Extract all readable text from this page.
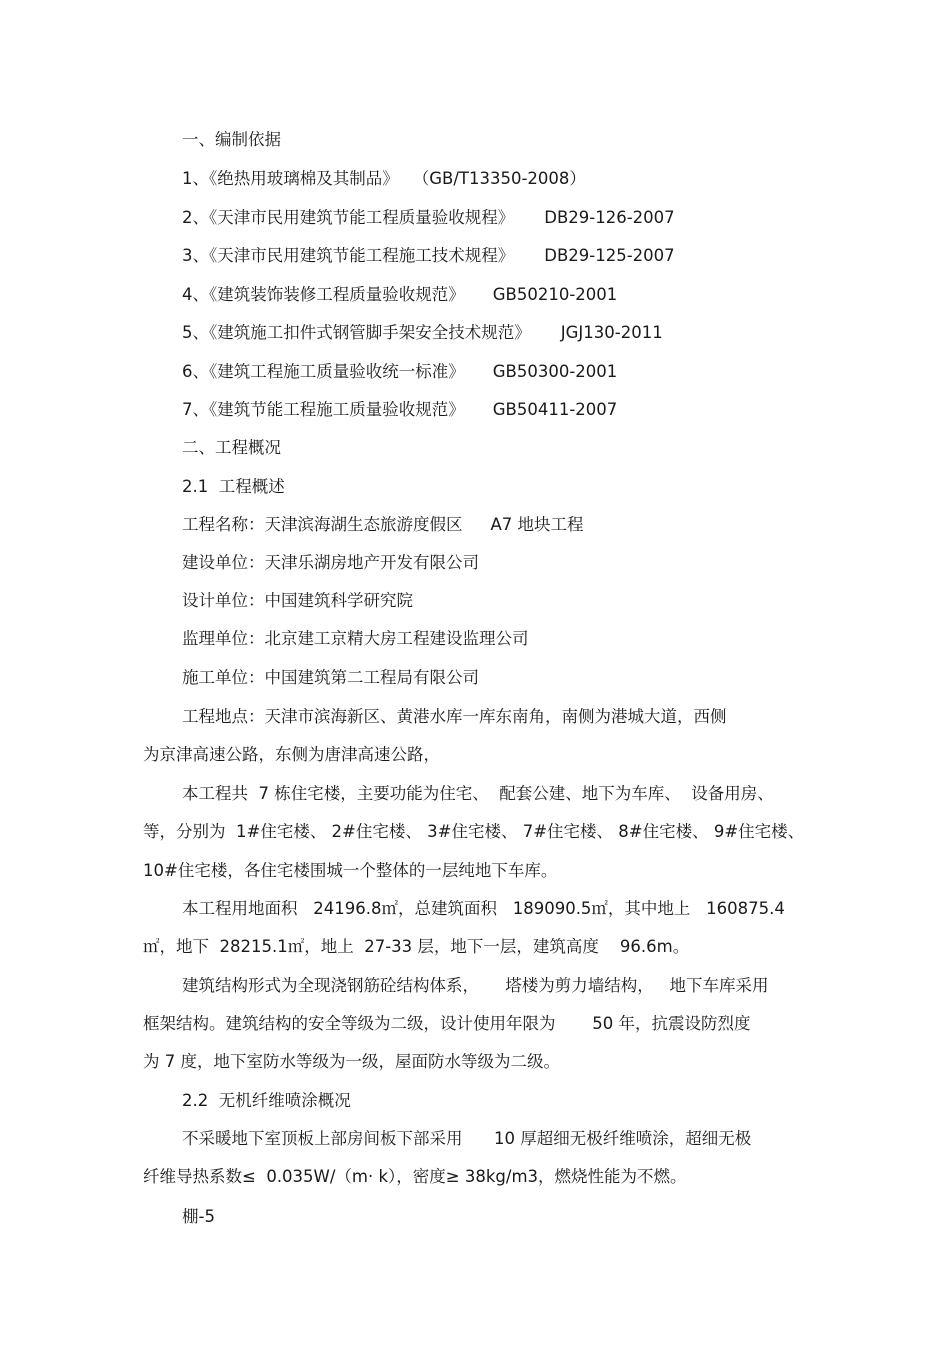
一、编制依据

1、《绝热用玻璃棉及其制品》 （GB/T13350-2008）

2、《天津市民用建筑节能工程质量验收规程》 DB29-126-2007

3、《天津市民用建筑节能工程施工技术规程》 DB29-125-2007

4、《建筑装饰装修工程质量验收规范》 GB50210-2001

5、《建筑施工扣件式钢管脚手架安全技术规范》 JGJ130-2011

6、《建筑工程施工质量验收统一标准》 GB50300-2001

7、《建筑节能工程施工质量验收规范》 GB50411-2007

二、工程概况

2.1  工程概述

工程名称：天津滨海湖生态旅游度假区 A7 地块工程

建设单位：天津乐湖房地产开发有限公司

设计单位：中国建筑科学研究院

监理单位：北京建工京精大房工程建设监理公司

施工单位：中国建筑第二工程局有限公司

工程地点：天津市滨海新区、黄港水库一库东南角，南侧为港城大道，西侧

为京津高速公路，东侧为唐津高速公路，

本工程共  7 栋住宅楼，主要功能为住宅、  配套公建、地下为车库、  设备用房、

等，分别为  1#住宅楼、 2#住宅楼、 3#住宅楼、 7#住宅楼、 8#住宅楼、 9#住宅楼、

10#住宅楼，各住宅楼围城一个整体的一层纯地下车库。

本工程用地面积   24196.8㎡，总建筑面积   189090.5㎡，其中地上   160875.4

㎡，地下  28215.1㎡，地上  27-33 层，地下一层，建筑高度    96.6m。

建筑结构形式为全现浇钢筋砼结构体系，     塔楼为剪力墙结构，   地下车库采用

框架结构。建筑结构的安全等级为二级，设计使用年限为       50 年，抗震设防烈度

为 7 度，地下室防水等级为一级，屋面防水等级为二级。

2.2  无机纤维喷涂概况

不采暖地下室顶板上部房间板下部采用      10 厚超细无极纤维喷涂，超细无极

纤维导热系数≤  0.035W/（m· k），密度≥ 38kg/m3，燃烧性能为不燃。

棚-5
